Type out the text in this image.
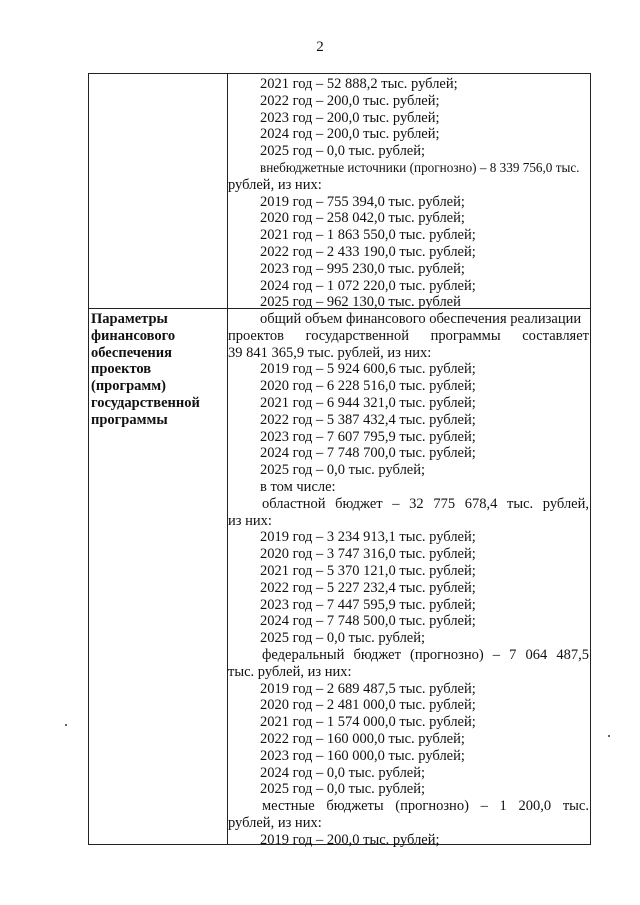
2
2021 год – 52 888,2 тыс. рублей;
2022 год – 200,0 тыс. рублей;
2023 год – 200,0 тыс. рублей;
2024 год – 200,0 тыс. рублей;
2025 год – 0,0 тыс. рублей;
внебюджетные источники (прогнозно) – 8 339 756,0 тыс.
рублей, из них:
2019 год – 755 394,0 тыс. рублей;
2020 год – 258 042,0 тыс. рублей;
2021 год – 1 863 550,0 тыс. рублей;
2022 год – 2 433 190,0 тыс. рублей;
2023 год – 995 230,0 тыс. рублей;
2024 год – 1 072 220,0 тыс. рублей;
2025 год – 962 130,0 тыс. рублей
Параметры
финансового
обеспечения
проектов
(программ)
государственной
программы
общий объем финансового обеспечения реализации
проектов государственной программы составляет
39 841 365,9 тыс. рублей, из них:
2019 год – 5 924 600,6 тыс. рублей;
2020 год – 6 228 516,0 тыс. рублей;
2021 год – 6 944 321,0 тыс. рублей;
2022 год – 5 387 432,4 тыс. рублей;
2023 год – 7 607 795,9 тыс. рублей;
2024 год – 7 748 700,0 тыс. рублей;
2025 год – 0,0 тыс. рублей;
в том числе:
областной бюджет – 32 775 678,4 тыс. рублей,
из них:
2019 год – 3 234 913,1 тыс. рублей;
2020 год – 3 747 316,0 тыс. рублей;
2021 год – 5 370 121,0 тыс. рублей;
2022 год – 5 227 232,4 тыс. рублей;
2023 год – 7 447 595,9 тыс. рублей;
2024 год – 7 748 500,0 тыс. рублей;
2025 год – 0,0 тыс. рублей;
федеральный бюджет (прогнозно) – 7 064 487,5
тыс. рублей, из них:
2019 год – 2 689 487,5 тыс. рублей;
2020 год – 2 481 000,0 тыс. рублей;
2021 год – 1 574 000,0 тыс. рублей;
2022 год – 160 000,0 тыс. рублей;
2023 год – 160 000,0 тыс. рублей;
2024 год – 0,0 тыс. рублей;
2025 год – 0,0 тыс. рублей;
местные бюджеты (прогнозно) – 1 200,0 тыс.
рублей, из них:
2019 год – 200,0 тыс. рублей;
